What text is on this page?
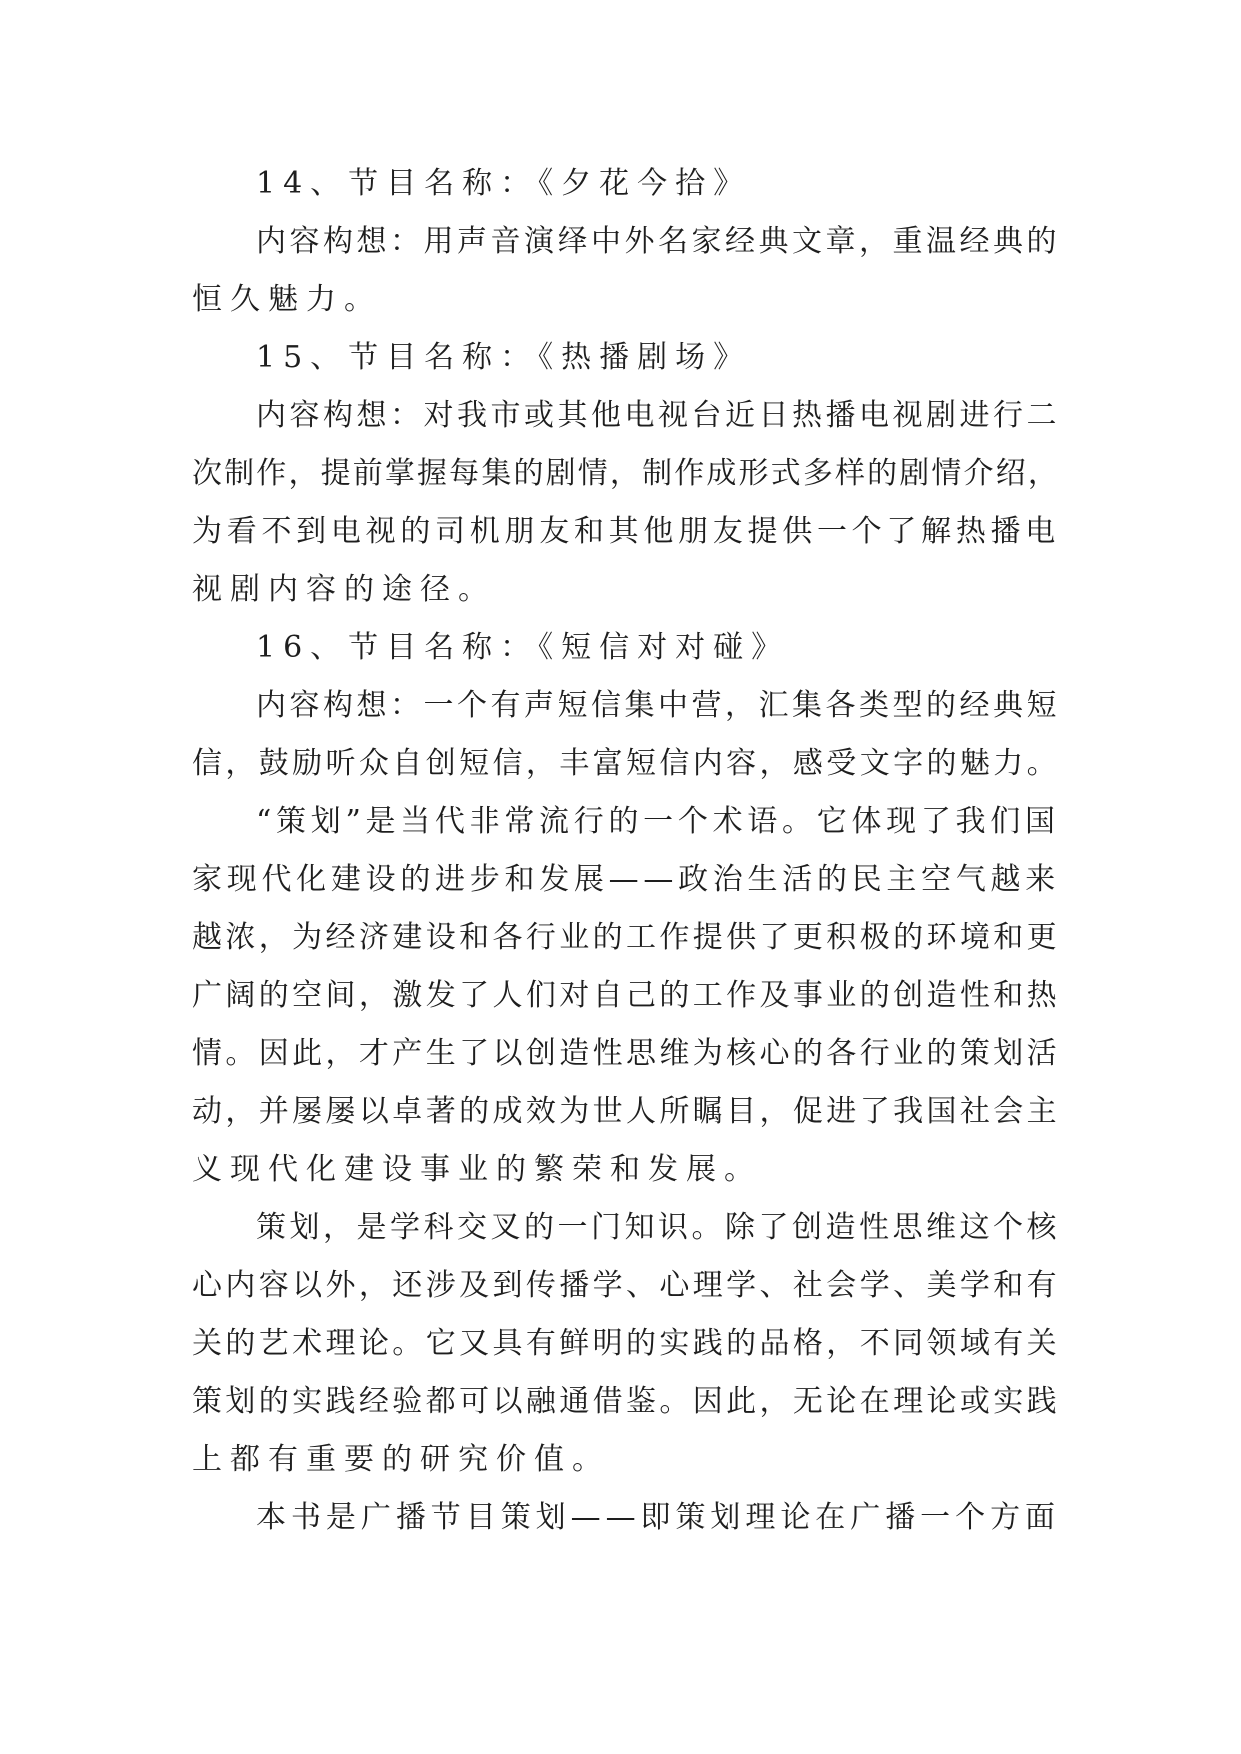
14、节目名称：《夕花今拾》

内容构想：用声音演绎中外名家经典文章，重温经典的

恒久魅力。

15、节目名称：《热播剧场》

内容构想：对我市或其他电视台近日热播电视剧进行二

次制作，提前掌握每集的剧情，制作成形式多样的剧情介绍，

为看不到电视的司机朋友和其他朋友提供一个了解热播电

视剧内容的途径。

16、节目名称：《短信对对碰》

内容构想：一个有声短信集中营，汇集各类型的经典短

信，鼓励听众自创短信，丰富短信内容，感受文字的魅力。

“策划”是当代非常流行的一个术语。它体现了我们国

家现代化建设的进步和发展——政治生活的民主空气越来

越浓，为经济建设和各行业的工作提供了更积极的环境和更

广阔的空间，激发了人们对自己的工作及事业的创造性和热

情。因此，才产生了以创造性思维为核心的各行业的策划活

动，并屡屡以卓著的成效为世人所瞩目，促进了我国社会主

义现代化建设事业的繁荣和发展。

策划，是学科交叉的一门知识。除了创造性思维这个核

心内容以外，还涉及到传播学、心理学、社会学、美学和有

关的艺术理论。它又具有鲜明的实践的品格，不同领域有关

策划的实践经验都可以融通借鉴。因此，无论在理论或实践

上都有重要的研究价值。

本书是广播节目策划——即策划理论在广播一个方面
